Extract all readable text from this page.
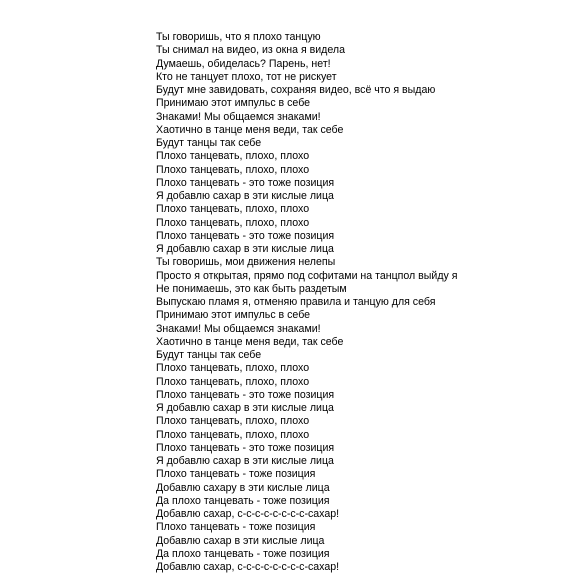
Ты говоришь, что я плохо танцую
Ты снимал на видео, из окна я видела
Думаешь, обиделась? Парень, нет!
Кто не танцует плохо, тот не рискует
Будут мне завидовать, сохраняя видео, всё что я выдаю
Принимаю этот импульс в себе
Знаками! Мы общаемся знаками!
Хаотично в танце меня веди, так себе
Будут танцы так себе
Плохо танцевать, плохо, плохо
Плохо танцевать, плохо, плохо
Плохо танцевать - это тоже позиция
Я добавлю сахар в эти кислые лица
Плохо танцевать, плохо, плохо
Плохо танцевать, плохо, плохо
Плохо танцевать - это тоже позиция
Я добавлю сахар в эти кислые лица
Ты говоришь, мои движения нелепы
Просто я открытая, прямо под софитами на танцпол выйду я
Не понимаешь, это как быть раздетым
Выпускаю пламя я, отменяю правила и танцую для себя
Принимаю этот импульс в себе
Знаками! Мы общаемся знаками!
Хаотично в танце меня веди, так себе
Будут танцы так себе
Плохо танцевать, плохо, плохо
Плохо танцевать, плохо, плохо
Плохо танцевать - это тоже позиция
Я добавлю сахар в эти кислые лица
Плохо танцевать, плохо, плохо
Плохо танцевать, плохо, плохо
Плохо танцевать - это тоже позиция
Я добавлю сахар в эти кислые лица
Плохо танцевать - тоже позиция
Добавлю сахару в эти кислые лица
Да плохо танцевать - тоже позиция
Добавлю сахар, с-с-с-с-с-с-с-с-сахар!
Плохо танцевать - тоже позиция
Добавлю сахар в эти кислые лица
Да плохо танцевать - тоже позиция
Добавлю сахар, с-с-с-с-с-с-с-с-сахар!
